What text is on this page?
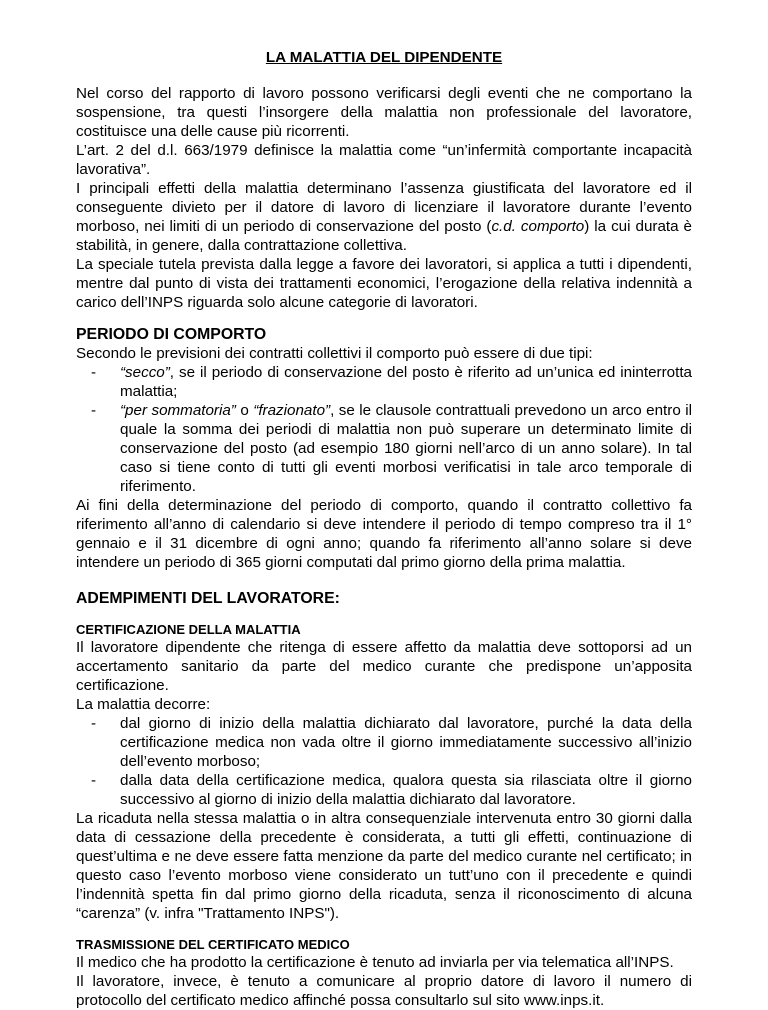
LA MALATTIA DEL DIPENDENTE

Nel corso del rapporto di lavoro possono verificarsi degli eventi che ne comportano la sospensione, tra questi l’insorgere della malattia non professionale del lavoratore, costituisce una delle cause più ricorrenti.

L’art. 2 del d.l. 663/1979 definisce la malattia come “un’infermità comportante incapacità lavorativa”.

I principali effetti della malattia determinano l’assenza giustificata del lavoratore ed il conseguente divieto per il datore di lavoro di licenziare il lavoratore durante l’evento morboso, nei limiti di un periodo di conservazione del posto (c.d. comporto) la cui durata è stabilità, in genere, dalla contrattazione collettiva.

La speciale tutela prevista dalla legge a favore dei lavoratori, si applica a tutti i dipendenti, mentre dal punto di vista dei trattamenti economici, l’erogazione della relativa indennità a carico dell’INPS riguarda solo alcune categorie di lavoratori.

PERIODO DI COMPORTO

Secondo le previsioni dei contratti collettivi il comporto può essere di due tipi:

- “secco”, se il periodo di conservazione del posto è riferito ad un’unica ed ininterrotta malattia;
- “per sommatoria” o “frazionato”, se le clausole contrattuali prevedono un arco entro il quale la somma dei periodi di malattia non può superare un determinato limite di conservazione del posto (ad esempio 180 giorni nell’arco di un anno solare). In tal caso si tiene conto di tutti gli eventi morbosi verificatisi in tale arco temporale di riferimento.

Ai fini della determinazione del periodo di comporto, quando il contratto collettivo fa riferimento all’anno di calendario si deve intendere il periodo di tempo compreso tra il 1° gennaio e il 31 dicembre di ogni anno; quando fa riferimento all’anno solare si deve intendere un periodo di 365 giorni computati dal primo giorno della prima malattia.

ADEMPIMENTI DEL LAVORATORE:

CERTIFICAZIONE DELLA MALATTIA

Il lavoratore dipendente che ritenga di essere affetto da malattia deve sottoporsi ad un accertamento sanitario da parte del medico curante che predispone un’apposita certificazione.

La malattia decorre:

- dal giorno di inizio della malattia dichiarato dal lavoratore, purché la data della certificazione medica non vada oltre il giorno immediatamente successivo all’inizio dell’evento morboso;
- dalla data della certificazione medica, qualora questa sia rilasciata oltre il giorno successivo al giorno di inizio della malattia dichiarato dal lavoratore.

La ricaduta nella stessa malattia o in altra consequenziale intervenuta entro 30 giorni dalla data di cessazione della precedente è considerata, a tutti gli effetti, continuazione di quest’ultima e ne deve essere fatta menzione da parte del medico curante nel certificato; in questo caso l’evento morboso viene considerato un tutt’uno con il precedente e quindi l’indennità spetta fin dal primo giorno della ricaduta, senza il riconoscimento di alcuna “carenza” (v. infra "Trattamento INPS").

TRASMISSIONE DEL CERTIFICATO MEDICO

Il medico che ha prodotto la certificazione è tenuto ad inviarla per via telematica all’INPS.

Il lavoratore, invece, è tenuto a comunicare al proprio datore di lavoro il numero di protocollo del certificato medico affinché possa consultarlo sul sito www.inps.it.
